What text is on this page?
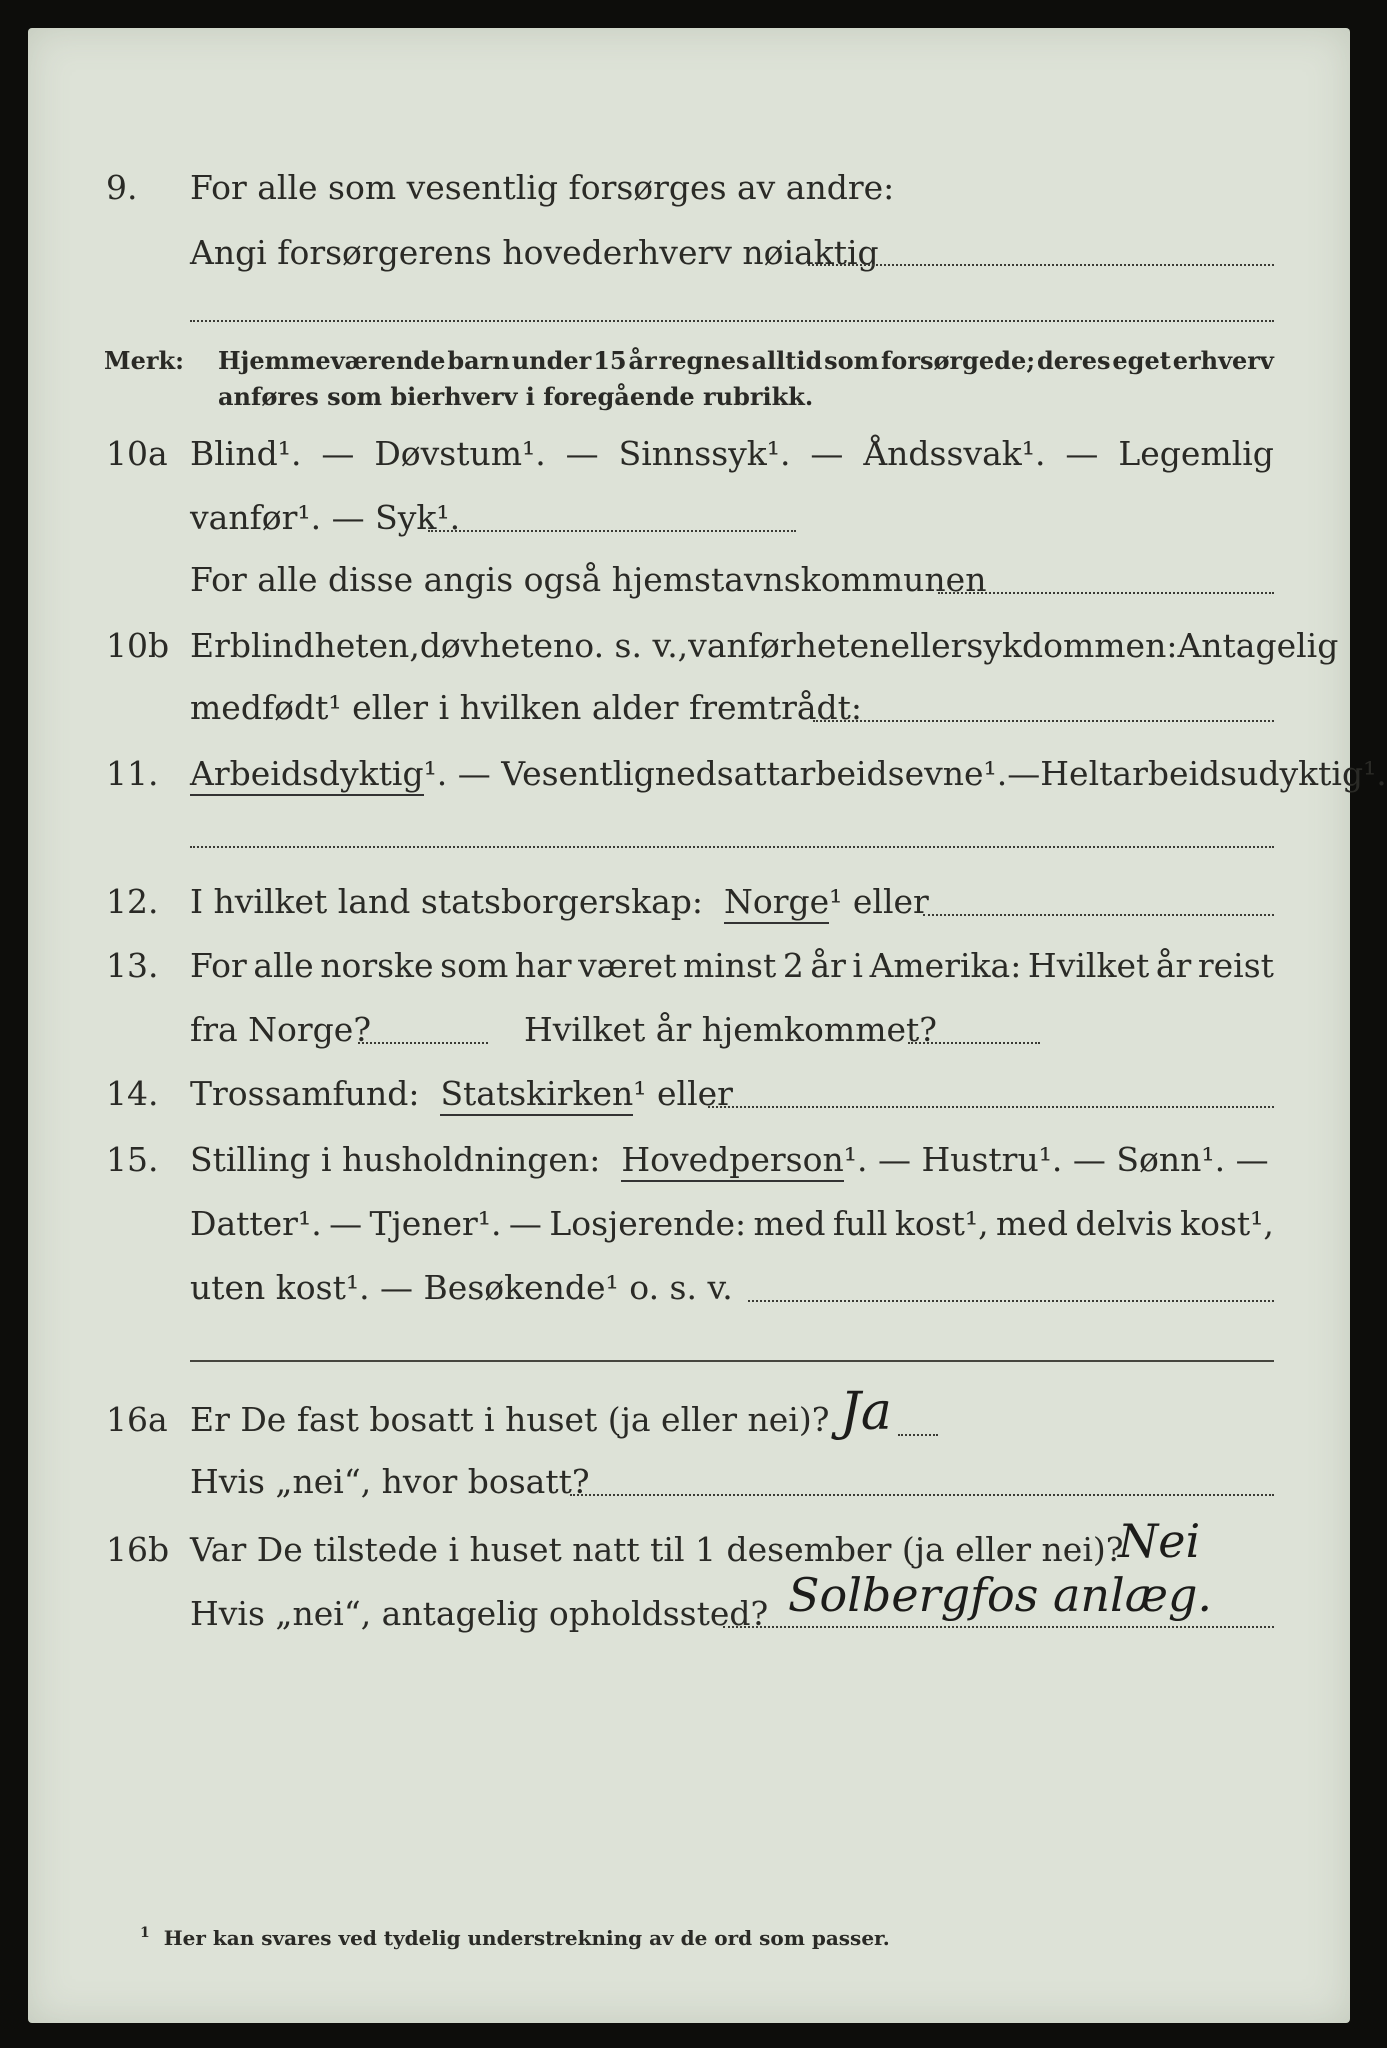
9. For alle som vesentlig forsørges av andre:
Angi forsørgerens hovederhverv nøiaktig
Merk: Hjemmeværende barn under 15 år regnes alltid som forsørgede; deres eget erhverv
anføres som bierhverv i foregående rubrikk.
10a Blind¹. — Døvstum¹. — Sinnssyk¹. — Åndssvak¹. — Legemlig
vanfør¹. — Syk¹.
For alle disse angis også hjemstavnskommunen
10b Er blindheten, døvheten o. s. v., vanførheten eller sykdommen: Antagelig
medfødt¹ eller i hvilken alder fremtrådt:
11. Arbeidsdyktig¹. — Vesentlig nedsatt arbeidsevne¹. — Helt arbeidsudyktig¹.
12. I hvilket land statsborgerskap: Norge¹ eller
13. For alle norske som har været minst 2 år i Amerika: Hvilket år reist
fra Norge?	Hvilket år hjemkommet?
14. Trossamfund: Statskirken¹ eller
15. Stilling i husholdningen: Hovedperson¹. — Hustru¹. — Sønn¹. —
Datter¹. — Tjener¹. — Losjerende: med full kost¹, med delvis kost¹,
uten kost¹. — Besøkende¹ o. s. v.
16a Er De fast bosatt i huset (ja eller nei)? Ja
Hvis „nei“, hvor bosatt?
16b Var De tilstede i huset natt til 1 desember (ja eller nei)?
Nei
Hvis „nei“, antagelig opholdssted? Solbergfos anlæg.
$^1$ Her kan svares ved tydelig understrekning av de ord som passer.
